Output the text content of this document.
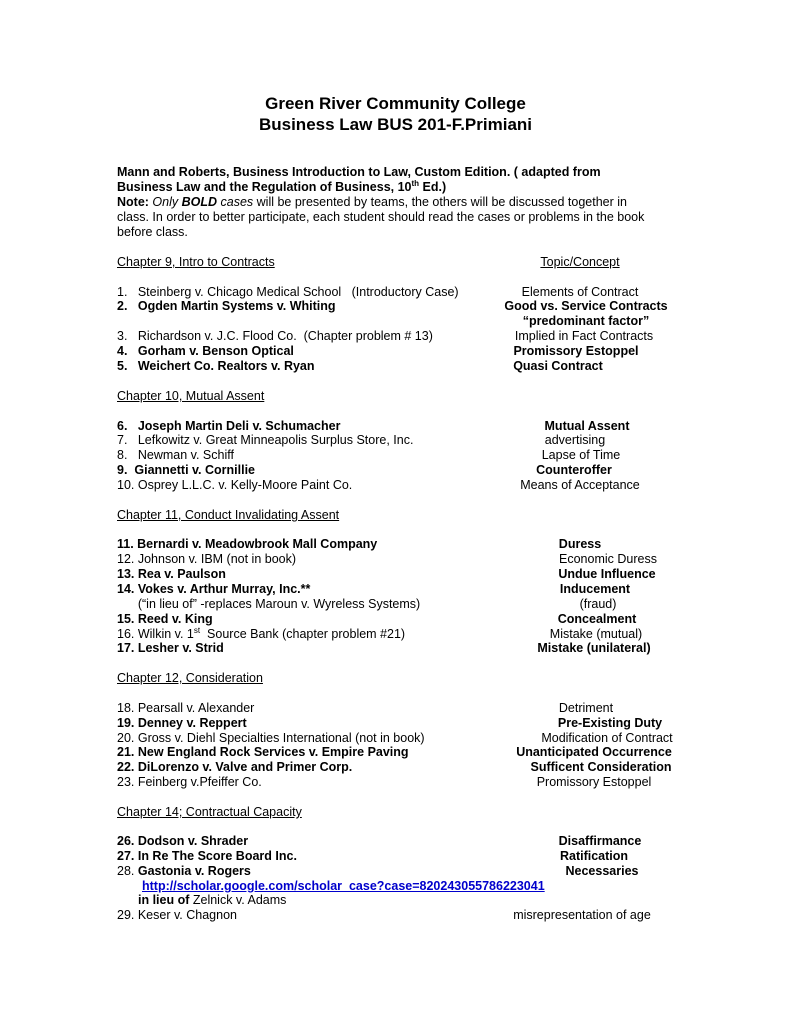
Green River Community College
Business Law BUS 201-F.Primiani
Mann and Roberts, Business Introduction to Law, Custom Edition. ( adapted from
Business Law and the Regulation of Business, 10th Ed.)
Note: Only BOLD cases will be presented by teams, the others will be discussed together in
class. In order to better participate, each student should read the cases or problems in the book
before class.
Chapter 9, Intro to Contracts	Topic/Concept
1.   Steinberg v. Chicago Medical School   (Introductory Case)	Elements of Contract
2.   Ogden Martin Systems v. Whiting	Good vs. Service Contracts
“predominant factor”
3.   Richardson v. J.C. Flood Co.  (Chapter problem # 13)	Implied in Fact Contracts
4.   Gorham v. Benson Optical	Promissory Estoppel
5.   Weichert Co. Realtors v. Ryan	Quasi Contract
Chapter 10, Mutual Assent
6.   Joseph Martin Deli v. Schumacher	Mutual Assent
7.   Lefkowitz v. Great Minneapolis Surplus Store, Inc.	advertising
8.   Newman v. Schiff	Lapse of Time
9.  Giannetti v. Cornillie	Counteroffer
10. Osprey L.L.C. v. Kelly-Moore Paint Co.	Means of Acceptance
Chapter 11, Conduct Invalidating Assent
11. Bernardi v. Meadowbrook Mall Company	Duress
12. Johnson v. IBM (not in book)	Economic Duress
13. Rea v. Paulson	Undue Influence
14. Vokes v. Arthur Murray, Inc.**	Inducement
(“in lieu of” -replaces Maroun v. Wyreless Systems)	(fraud)
15. Reed v. King	Concealment
16. Wilkin v. 1st  Source Bank (chapter problem #21)	Mistake (mutual)
17. Lesher v. Strid	Mistake (unilateral)
Chapter 12, Consideration
18. Pearsall v. Alexander	Detriment
19. Denney v. Reppert	Pre-Existing Duty
20. Gross v. Diehl Specialties International (not in book)	Modification of Contract
21. New England Rock Services v. Empire Paving	Unanticipated Occurrence
22. DiLorenzo v. Valve and Primer Corp.	Sufficent Consideration
23. Feinberg v.Pfeiffer Co.	Promissory Estoppel
Chapter 14; Contractual Capacity
26. Dodson v. Shrader	Disaffirmance
27. In Re The Score Board Inc.	Ratification
28. Gastonia v. Rogers	Necessaries
http://scholar.google.com/scholar_case?case=820243055786223041
in lieu of Zelnick v. Adams
29. Keser v. Chagnon	misrepresentation of age
